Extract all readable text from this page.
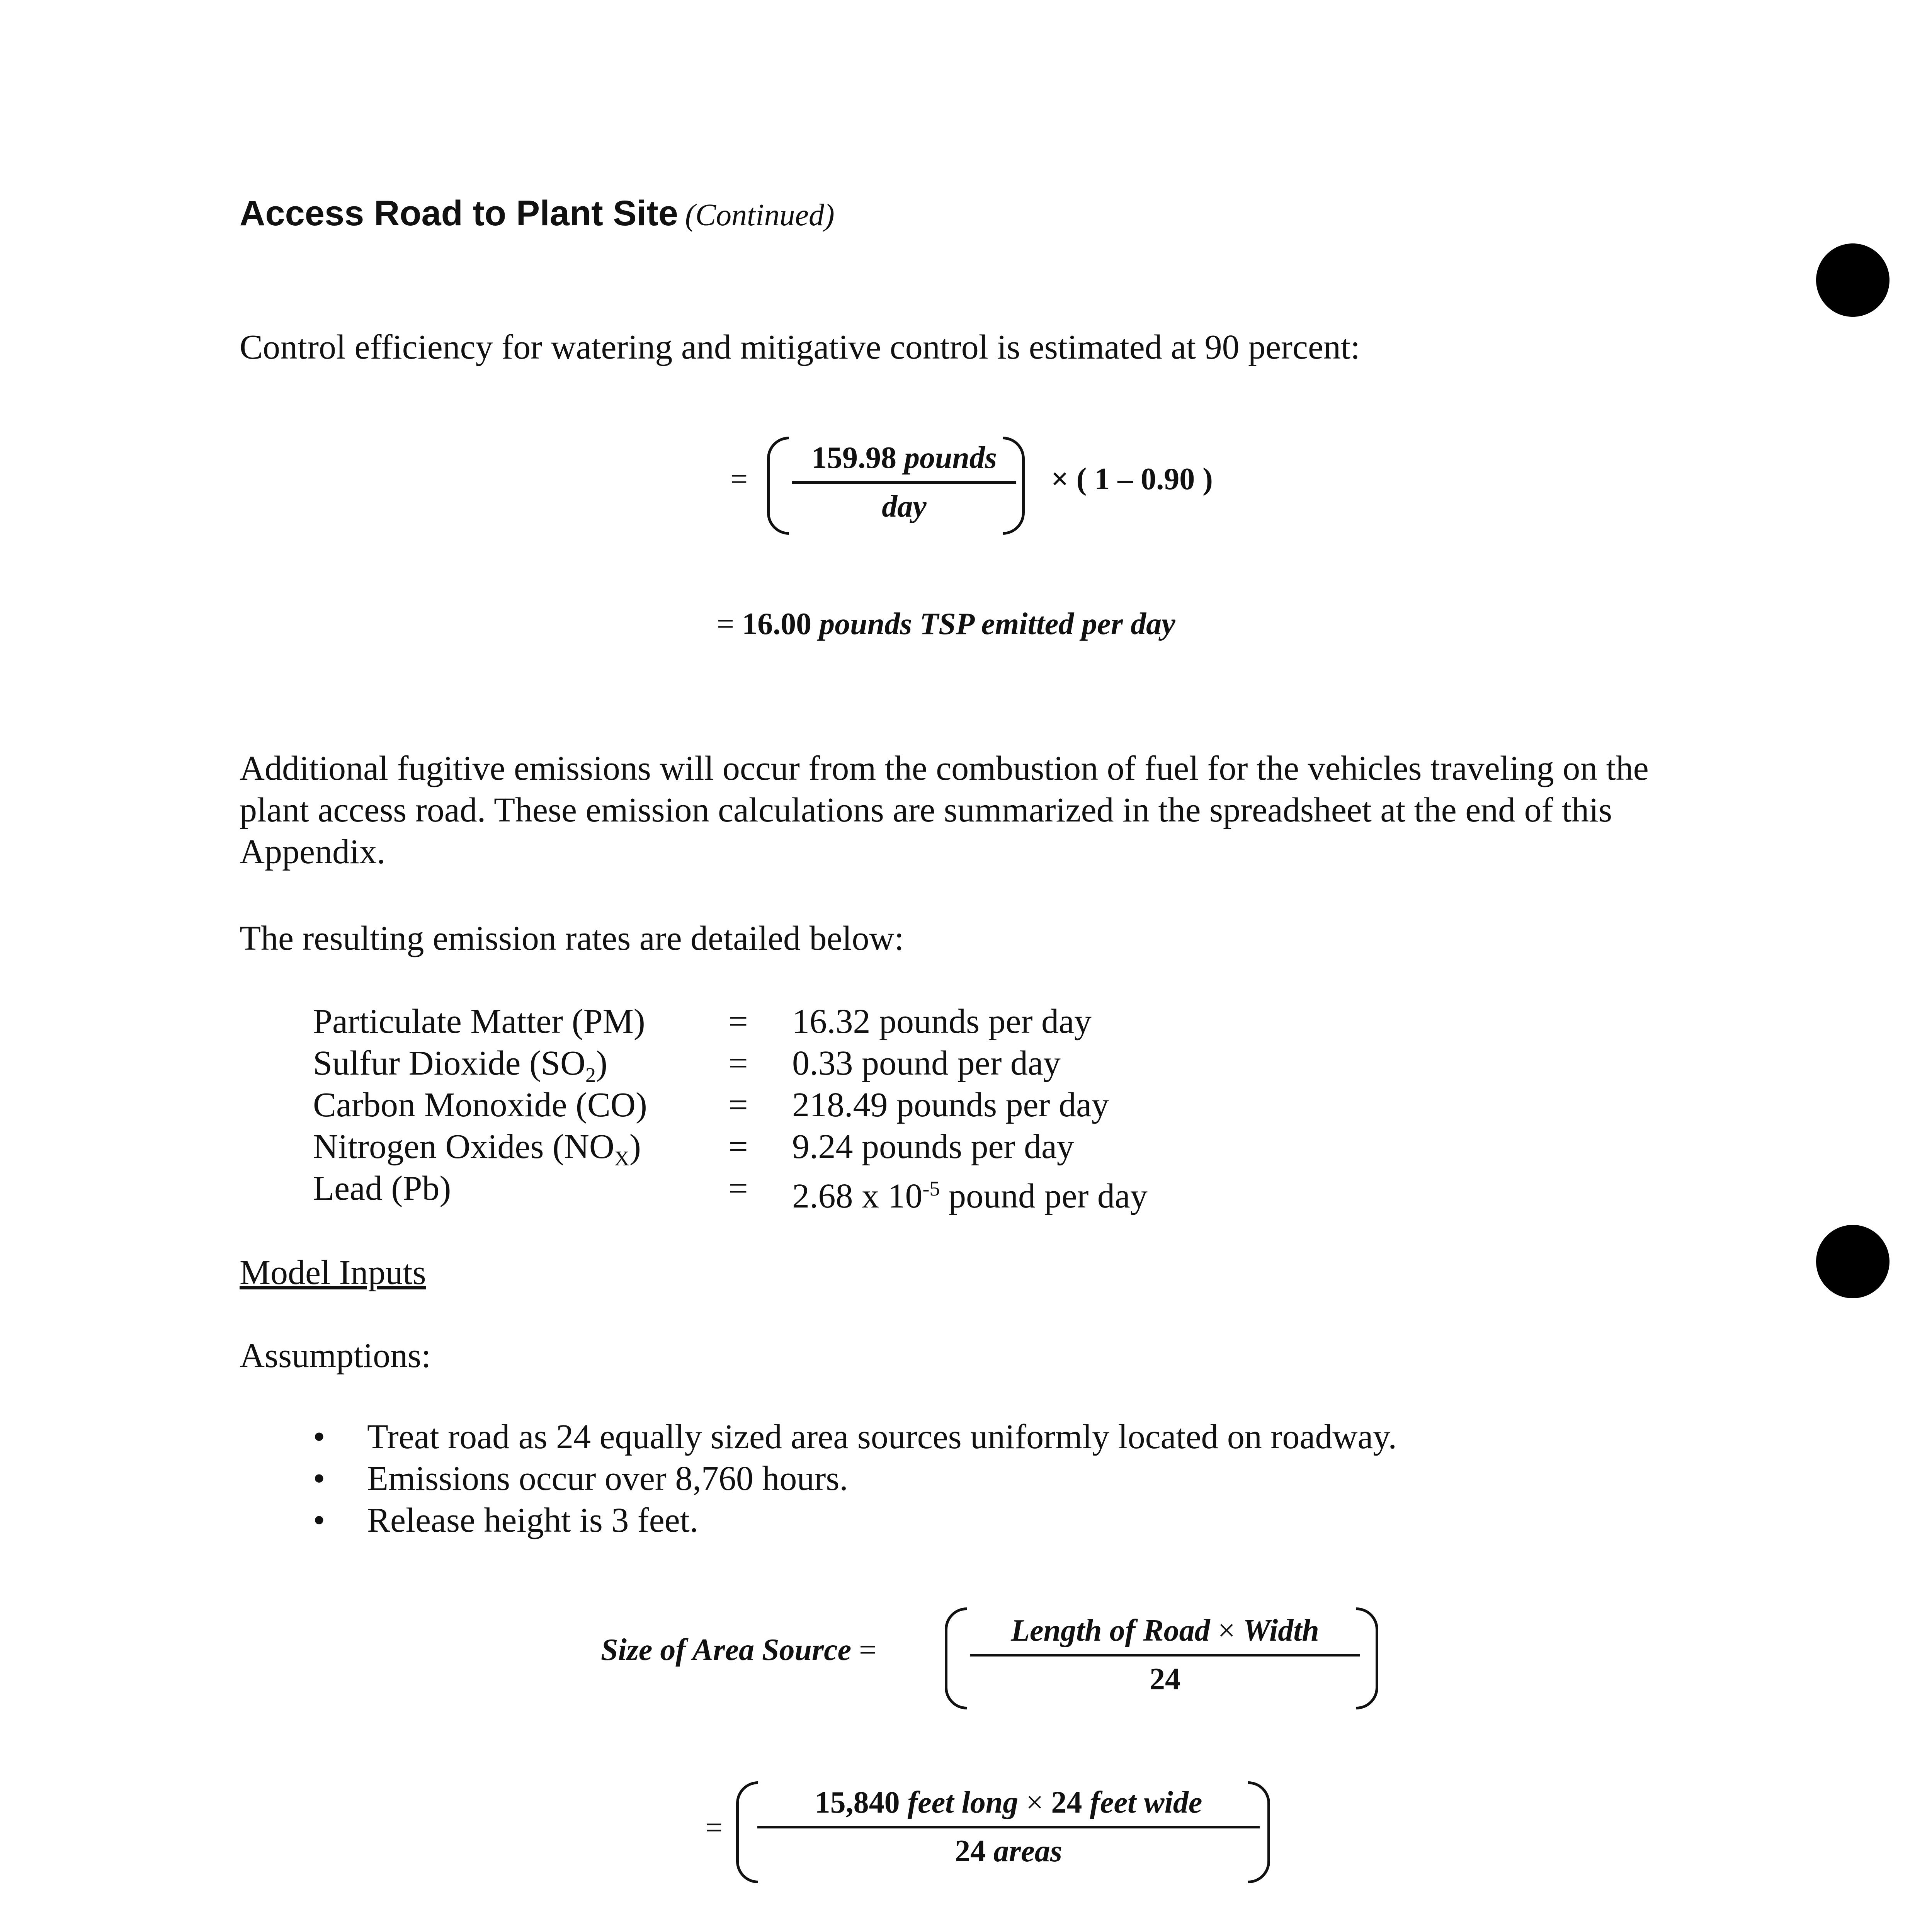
Access Road to Plant Site (Continued)

Control efficiency for watering and mitigative control is estimated at 90 percent:

=
159.98 pounds
day
× ( 1 – 0.90 )
= 16.00 pounds TSP emitted per day

Additional fugitive emissions will occur from the combustion of fuel for the vehicles traveling on the plant access road. These emission calculations are summarized in the spreadsheet at the end of this Appendix.

The resulting emission rates are detailed below:

Particulate Matter (PM) = 16.32 pounds per day
Sulfur Dioxide $(SO_2)$	= 0.33 pound per day
Carbon Monoxide (CO) = 218.49 pounds per day
Nitrogen Oxides $(NO_X)$	= 9.24 pounds per day
Lead (Pb)	= 2.68 x $10^{-5}$ pound per day

Model Inputs

Assumptions:

• Treat road as 24 equally sized area sources uniformly located on roadway.
• Emissions occur over 8,760 hours.
• Release height is 3 feet.
Size of Area Source =
Length of Road × Width
24
=
15,840 feet long × 24 feet wide
24 areas
